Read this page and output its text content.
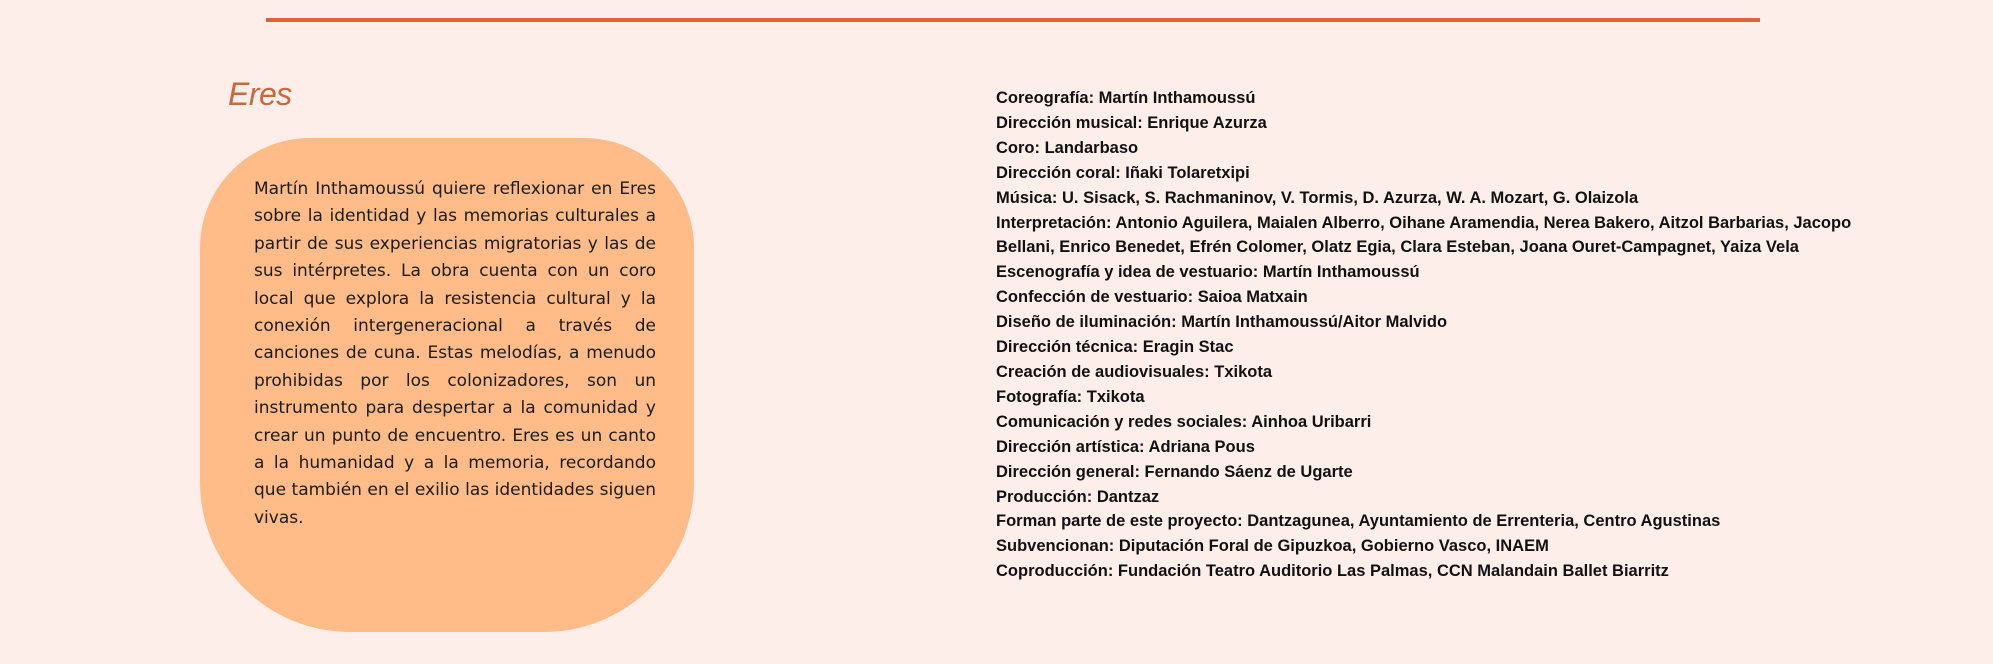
Eres

Martín Inthamoussú quiere reflexionar en Eres sobre la identidad y las memorias culturales a partir de sus experiencias migratorias y las de sus intérpretes. La obra cuenta con un coro local que explora la resistencia cultural y la conexión intergeneracional a través de canciones de cuna. Estas melodías, a menudo prohibidas por los colonizadores, son un instrumento para despertar a la comunidad y crear un punto de encuentro. Eres es un canto a la humanidad y a la memoria, recordando que también en el exilio las identidades siguen vivas.

Coreografía: Martín Inthamoussú
Dirección musical: Enrique Azurza
Coro: Landarbaso
Dirección coral: Iñaki Tolaretxipi
Música: U. Sisack, S. Rachmaninov, V. Tormis, D. Azurza, W. A. Mozart, G. Olaizola
Interpretación: Antonio Aguilera, Maialen Alberro, Oihane Aramendia, Nerea Bakero, Aitzol Barbarias, Jacopo Bellani, Enrico Benedet, Efrén Colomer, Olatz Egia, Clara Esteban, Joana Ouret-Campagnet, Yaiza Vela
Escenografía y idea de vestuario: Martín Inthamoussú
Confección de vestuario: Saioa Matxain
Diseño de iluminación: Martín Inthamoussú/Aitor Malvido
Dirección técnica: Eragin Stac
Creación de audiovisuales: Txikota
Fotografía: Txikota
Comunicación y redes sociales: Ainhoa Uribarri
Dirección artística: Adriana Pous
Dirección general: Fernando Sáenz de Ugarte
Producción: Dantzaz
Forman parte de este proyecto: Dantzagunea, Ayuntamiento de Errenteria, Centro Agustinas
Subvencionan: Diputación Foral de Gipuzkoa, Gobierno Vasco, INAEM
Coproducción: Fundación Teatro Auditorio Las Palmas, CCN Malandain Ballet Biarritz
